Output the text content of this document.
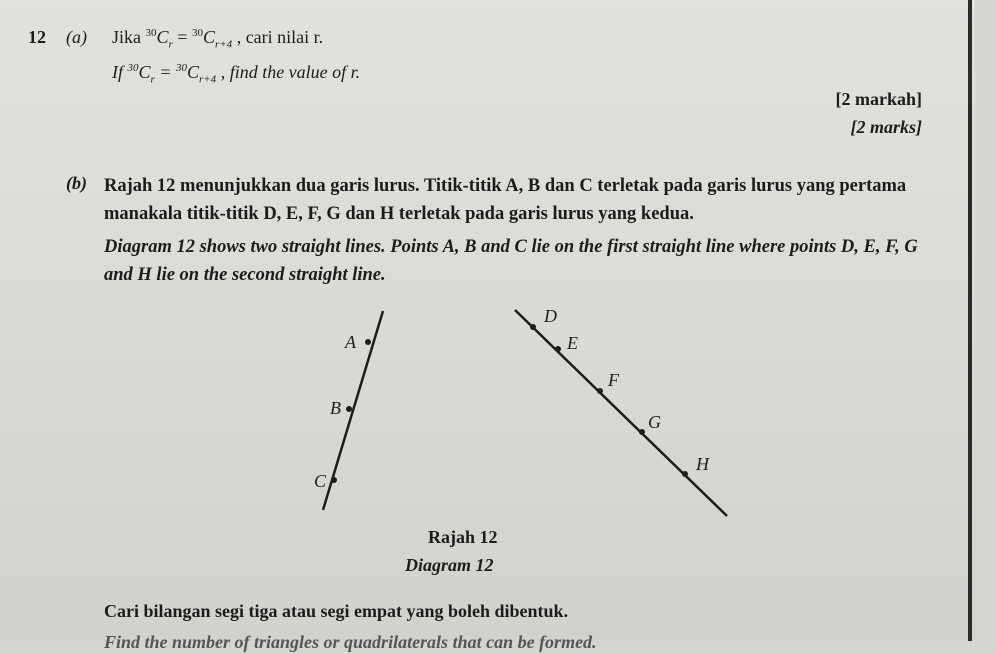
12 (a) Jika $^{30}C_r = ^{30}C_{r+4}$ , cari nilai r.
If $^{30}C_r = ^{30}C_{r+4}$ , find the value of r.
[2 markah]
[2 marks]
(b) Rajah 12 menunjukkan dua garis lurus. Titik-titik A, B dan C terletak pada garis lurus yang pertama manakala titik-titik D, E, F, G dan H terletak pada garis lurus yang kedua.
Diagram 12 shows two straight lines. Points A, B and C lie on the first straight line where points D, E, F, G and H lie on the second straight line.
A
B
C
D
E
F
G
H
Rajah 12
Diagram 12
Cari bilangan segi tiga atau segi empat yang boleh dibentuk.
Find the number of triangles or quadrilaterals that can be formed.
